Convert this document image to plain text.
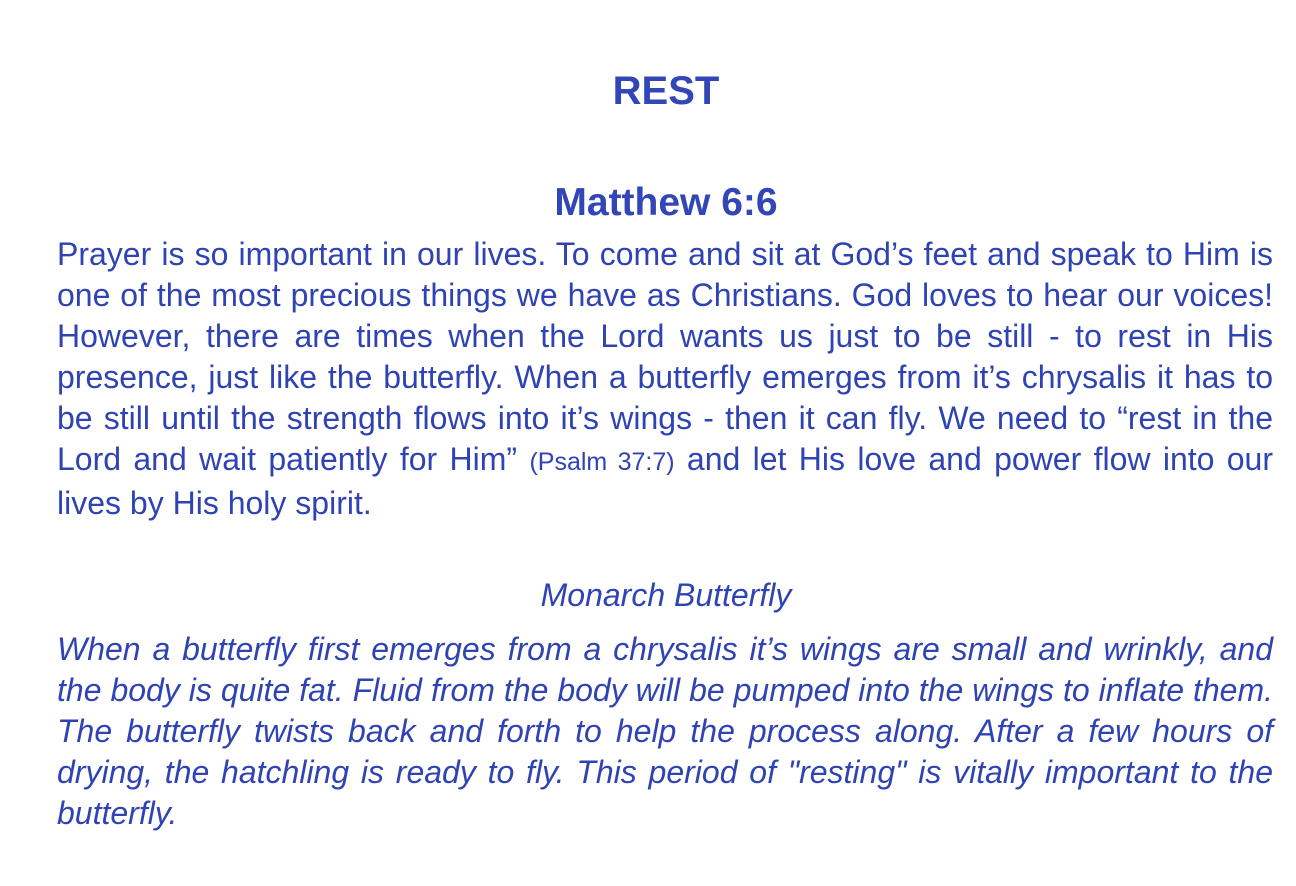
REST
Matthew 6:6
Prayer is so important in our lives. To come and sit at God’s feet and speak to Him is one of the most precious things we have as Christians. God loves to hear our voices! However, there are times when the Lord wants us just to be still - to rest in His presence, just like the butterfly. When a butterfly emerges from it’s chrysalis it has to be still until the strength flows into it’s wings - then it can fly. We need to “rest in the Lord and wait patiently for Him” (Psalm 37:7) and let His love and power flow into our lives by His holy spirit.
Monarch Butterfly
When a butterfly first emerges from a chrysalis it’s wings are small and wrinkly, and the body is quite fat. Fluid from the body will be pumped into the wings to inflate them. The butterfly twists back and forth to help the process along. After a few hours of drying, the hatchling is ready to fly. This period of "resting" is vitally important to the butterfly.
